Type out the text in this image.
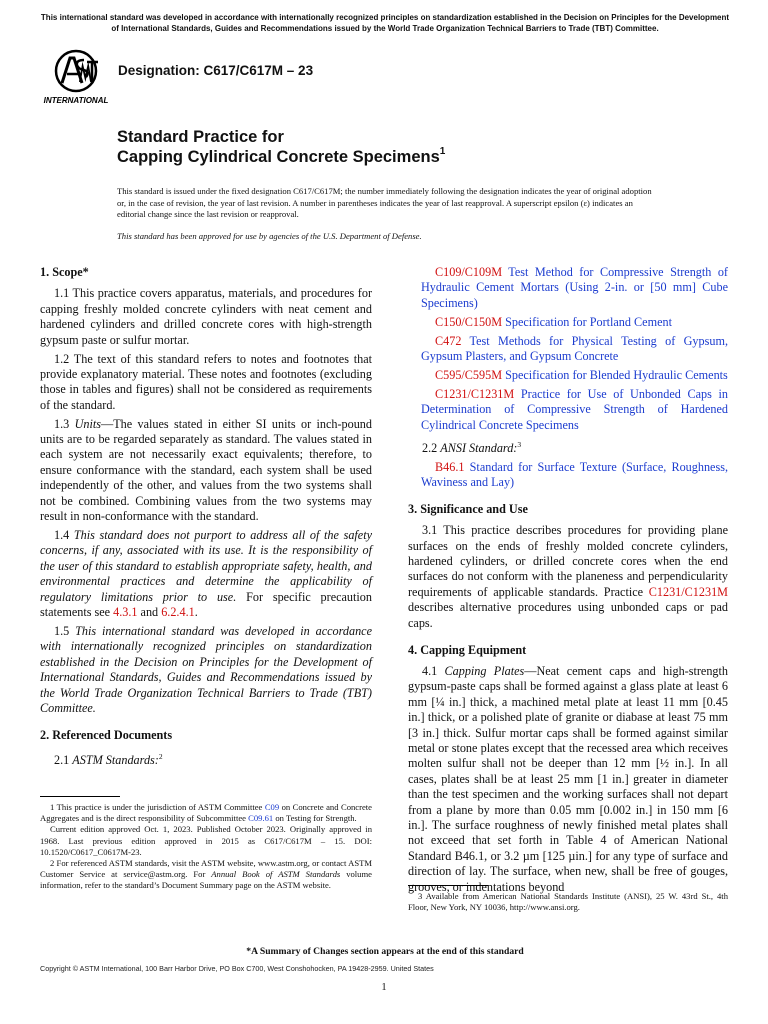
This international standard was developed in accordance with internationally recognized principles on standardization established in the Decision on Principles for the Development of International Standards, Guides and Recommendations issued by the World Trade Organization Technical Barriers to Trade (TBT) Committee.
INTERNATIONAL
Designation: C617/C617M – 23
Standard Practice for
Capping Cylindrical Concrete Specimens$^1$
This standard is issued under the fixed designation C617/C617M; the number immediately following the designation indicates the year of original adoption or, in the case of revision, the year of last revision. A number in parentheses indicates the year of last reapproval. A superscript epsilon (ε) indicates an editorial change since the last revision or reapproval.
This standard has been approved for use by agencies of the U.S. Department of Defense.
1. Scope*

1.1 This practice covers apparatus, materials, and procedures for capping freshly molded concrete cylinders with neat cement and hardened cylinders and drilled concrete cores with high-strength gypsum paste or sulfur mortar.

1.2 The text of this standard refers to notes and footnotes that provide explanatory material. These notes and footnotes (excluding those in tables and figures) shall not be considered as requirements of the standard.

1.3 Units—The values stated in either SI units or inch-pound units are to be regarded separately as standard. The values stated in each system are not necessarily exact equivalents; therefore, to ensure conformance with the standard, each system shall be used independently of the other, and values from the two systems shall not be combined. Combining values from the two systems may result in non-conformance with the standard.

1.4 This standard does not purport to address all of the safety concerns, if any, associated with its use. It is the responsibility of the user of this standard to establish appropriate safety, health, and environmental practices and determine the applicability of regulatory limitations prior to use. For specific precaution statements see 4.3.1 and 6.2.4.1.

1.5 This international standard was developed in accordance with internationally recognized principles on standardization established in the Decision on Principles for the Development of International Standards, Guides and Recommendations issued by the World Trade Organization Technical Barriers to Trade (TBT) Committee.

2. Referenced Documents

2.1 ASTM Standards:$^2$

1 This practice is under the jurisdiction of ASTM Committee C09 on Concrete and Concrete Aggregates and is the direct responsibility of Subcommittee C09.61 on Testing for Strength.

Current edition approved Oct. 1, 2023. Published October 2023. Originally approved in 1968. Last previous edition approved in 2015 as C617/C617M – 15. DOI: 10.1520/C0617_C0617M-23.

2 For referenced ASTM standards, visit the ASTM website, www.astm.org, or contact ASTM Customer Service at service@astm.org. For Annual Book of ASTM Standards volume information, refer to the standard’s Document Summary page on the ASTM website.

C109/C109M Test Method for Compressive Strength of Hydraulic Cement Mortars (Using 2-in. or [50 mm] Cube Specimens)

C150/C150M Specification for Portland Cement

C472 Test Methods for Physical Testing of Gypsum, Gypsum Plasters, and Gypsum Concrete

C595/C595M Specification for Blended Hydraulic Cements

C1231/C1231M Practice for Use of Unbonded Caps in Determination of Compressive Strength of Hardened Cylindrical Concrete Specimens

2.2 ANSI Standard:$^3$

B46.1 Standard for Surface Texture (Surface, Roughness, Waviness and Lay)

3. Significance and Use

3.1 This practice describes procedures for providing plane surfaces on the ends of freshly molded concrete cylinders, hardened cylinders, or drilled concrete cores when the end surfaces do not conform with the planeness and perpendicularity requirements of applicable standards. Practice C1231/C1231M describes alternative procedures using unbonded caps or pad caps.

4. Capping Equipment

4.1 Capping Plates—Neat cement caps and high-strength gypsum-paste caps shall be formed against a glass plate at least 6 mm [¼ in.] thick, a machined metal plate at least 11 mm [0.45 in.] thick, or a polished plate of granite or diabase at least 75 mm [3 in.] thick. Sulfur mortar caps shall be formed against similar metal or stone plates except that the recessed area which receives molten sulfur shall not be deeper than 12 mm [½ in.]. In all cases, plates shall be at least 25 mm [1 in.] greater in diameter than the test specimen and the working surfaces shall not depart from a plane by more than 0.05 mm [0.002 in.] in 150 mm [6 in.]. The surface roughness of newly finished metal plates shall not exceed that set forth in Table 4 of American National Standard B46.1, or 3.2 µm [125 µin.] for any type of surface and direction of lay. The surface, when new, shall be free of gouges, grooves, or indentations beyond

3 Available from American National Standards Institute (ANSI), 25 W. 43rd St., 4th Floor, New York, NY 10036, http://www.ansi.org.

*A Summary of Changes section appears at the end of this standard
Copyright © ASTM International, 100 Barr Harbor Drive, PO Box C700, West Conshohocken, PA 19428-2959. United States
1
